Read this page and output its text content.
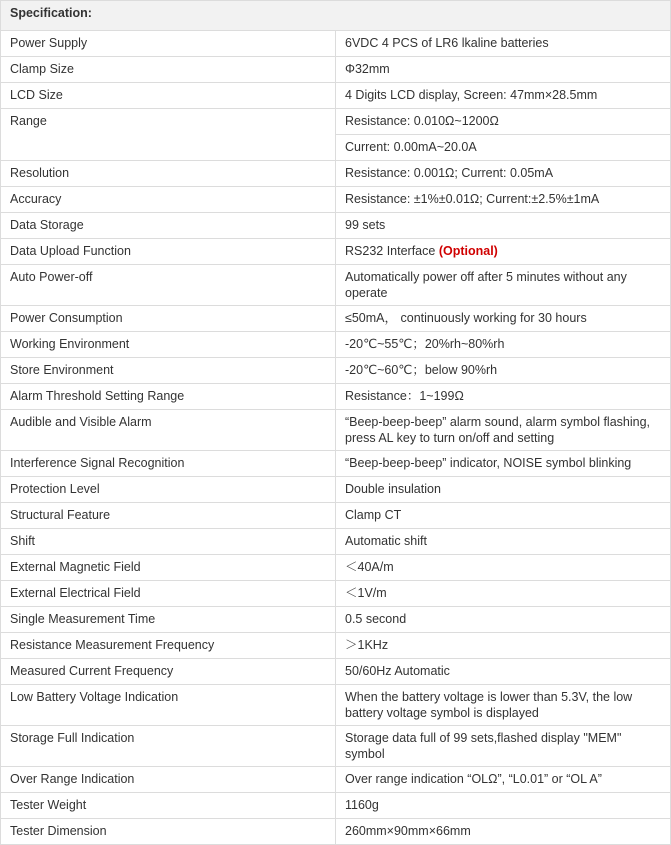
Specification:	
Power Supply	6VDC 4 PCS of LR6 lkaline batteries
Clamp Size	Φ32mm
LCD Size	4 Digits LCD display, Screen: 47mm×28.5mm
Range	Resistance: 0.010Ω~1200Ω
	Current: 0.00mA~20.0A
Resolution	Resistance: 0.001Ω; Current: 0.05mA
Accuracy	Resistance: ±1%±0.01Ω; Current:±2.5%±1mA
Data Storage	99 sets
Data Upload Function	RS232 Interface (Optional)
Auto Power-off	Automatically power off after 5 minutes without any operate
Power Consumption	≤50mA， continuously working for 30 hours
Working Environment	-20℃~55℃；20%rh~80%rh
Store Environment	-20℃~60℃；below 90%rh
Alarm Threshold Setting Range	Resistance：1~199Ω
Audible and Visible Alarm	“Beep-beep-beep” alarm sound, alarm symbol flashing, press AL key to turn on/off and setting
Interference Signal Recognition	“Beep-beep-beep” indicator, NOISE symbol blinking
Protection Level	Double insulation
Structural Feature	Clamp CT
Shift	Automatic shift
External Magnetic Field	＜40A/m
External Electrical Field	＜1V/m
Single Measurement Time	0.5 second
Resistance Measurement Frequency	＞1KHz
Measured Current Frequency	50/60Hz Automatic
Low Battery Voltage Indication	When the battery voltage is lower than 5.3V, the low battery voltage symbol is displayed
Storage Full Indication	Storage data full of 99 sets,flashed display "MEM" symbol
Over Range Indication	Over range indication “OLΩ”, “L0.01” or “OL A”
Tester Weight	1160g
Tester Dimension	260mm×90mm×66mm
